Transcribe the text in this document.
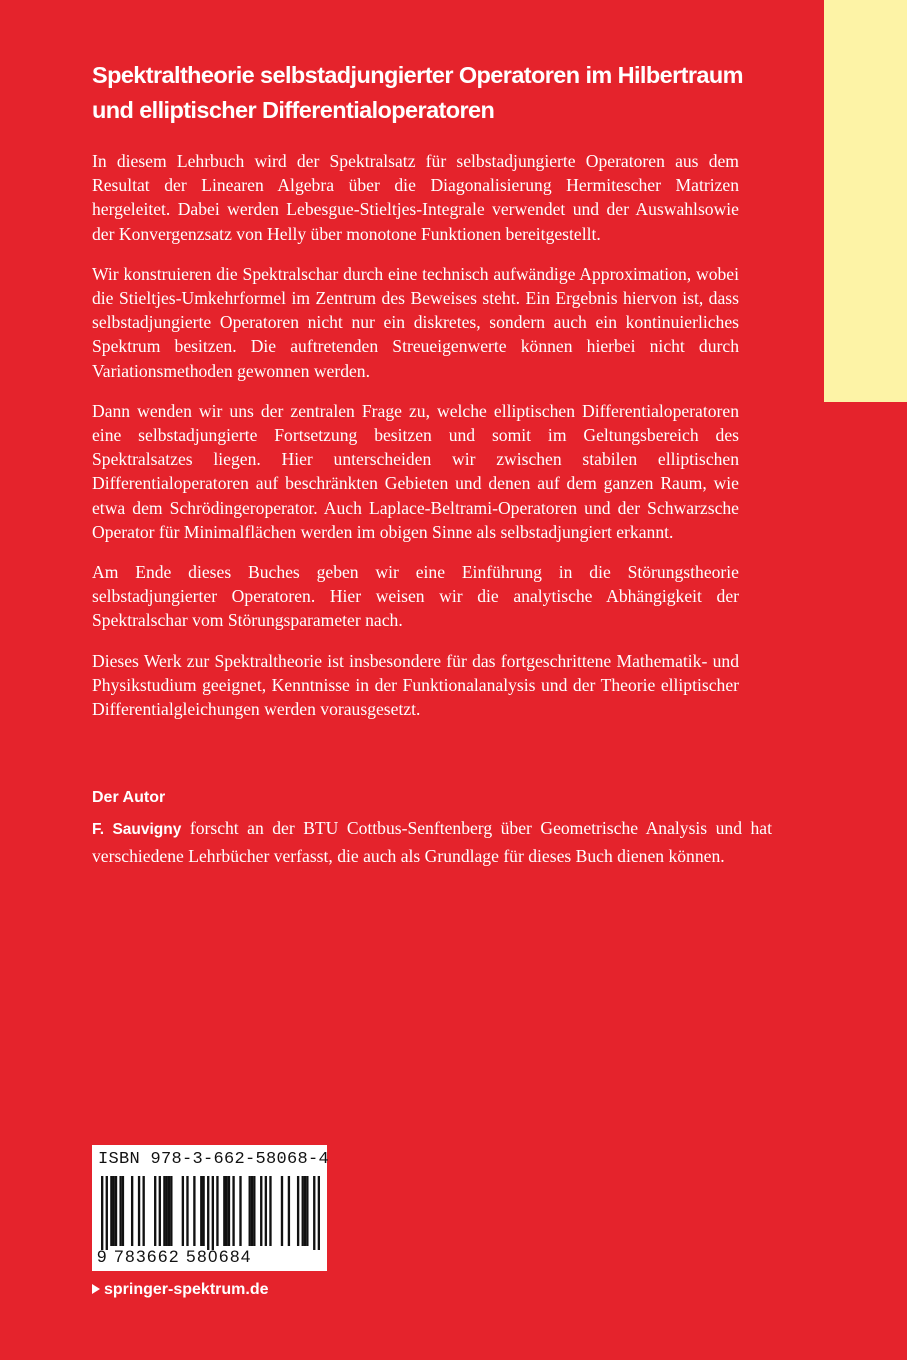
Spektraltheorie selbstadjungierter Operatoren im Hilbertraum
und elliptischer Differentialoperatoren

In diesem Lehrbuch wird der Spektralsatz für selbstadjungierte Operatoren aus dem Resultat der Linearen Algebra über die Diagonalisierung Hermitescher Matrizen hergeleitet. Dabei werden Lebesgue-Stieltjes-Integrale verwendet und der Auswahlsowie der Konvergenzsatz von Helly über monotone Funktionen bereitgestellt.

Wir konstruieren die Spektralschar durch eine technisch aufwändige Approximation, wobei die Stieltjes-Umkehrformel im Zentrum des Beweises steht. Ein Ergebnis hiervon ist, dass selbstadjungierte Operatoren nicht nur ein diskretes, sondern auch ein kontinuierliches Spektrum besitzen. Die auftretenden Streueigenwerte können hierbei nicht durch Variationsmethoden gewonnen werden.

Dann wenden wir uns der zentralen Frage zu, welche elliptischen Differentialoperatoren eine selbstadjungierte Fortsetzung besitzen und somit im Geltungsbereich des Spektralsatzes liegen. Hier unterscheiden wir zwischen stabilen elliptischen Differentialoperatoren auf beschränkten Gebieten und denen auf dem ganzen Raum, wie etwa dem Schrödingeroperator. Auch Laplace-Beltrami-Operatoren und der Schwarzsche Operator für Minimalflächen werden im obigen Sinne als selbstadjungiert erkannt.

Am Ende dieses Buches geben wir eine Einführung in die Störungstheorie selbstadjungierter Operatoren. Hier weisen wir die analytische Abhängigkeit der Spektralschar vom Störungsparameter nach.

Dieses Werk zur Spektraltheorie ist insbesondere für das fortgeschrittene Mathematik- und Physikstudium geeignet, Kenntnisse in der Funktionalanalysis und der Theorie elliptischer Differentialgleichungen werden vorausgesetzt.

Der Autor

F. Sauvigny forscht an der BTU Cottbus-Senftenberg über Geometrische Analysis und hat verschiedene Lehrbücher verfasst, die auch als Grundlage für dieses Buch dienen können.

ISBN 978-3-662-58068-4
9 783662 580684
springer-spektrum.de
